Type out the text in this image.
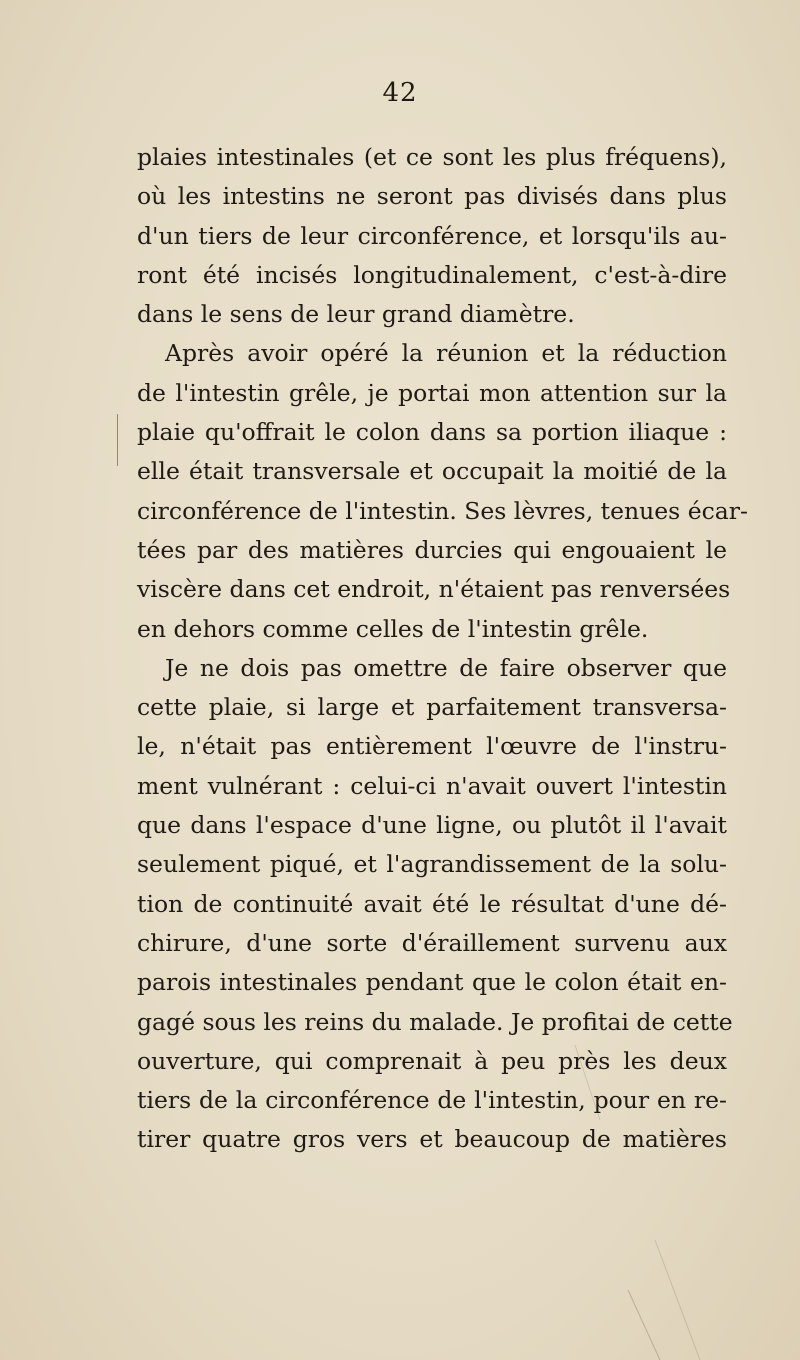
42
plaies intestinales (et ce sont les plus fréquens),
où les intestins ne seront pas divisés dans plus
d'un tiers de leur circonférence, et lorsqu'ils au-
ront été incisés longitudinalement, c'est-à-dire
dans le sens de leur grand diamètre.
Après avoir opéré la réunion et la réduction
de l'intestin grêle, je portai mon attention sur la
plaie qu'offrait le colon dans sa portion iliaque :
elle était transversale et occupait la moitié de la
circonférence de l'intestin. Ses lèvres, tenues écar-
tées par des matières durcies qui engouaient le
viscère dans cet endroit, n'étaient pas renversées
en dehors comme celles de l'intestin grêle.
Je ne dois pas omettre de faire observer que
cette plaie, si large et parfaitement transversa-
le, n'était pas entièrement l'œuvre de l'instru-
ment vulnérant : celui-ci n'avait ouvert l'intestin
que dans l'espace d'une ligne, ou plutôt il l'avait
seulement piqué, et l'agrandissement de la solu-
tion de continuité avait été le résultat d'une dé-
chirure, d'une sorte d'éraillement survenu aux
parois intestinales pendant que le colon était en-
gagé sous les reins du malade. Je profitai de cette
ouverture, qui comprenait à peu près les deux
tiers de la circonférence de l'intestin, pour en re-
tirer quatre gros vers et beaucoup de matières
